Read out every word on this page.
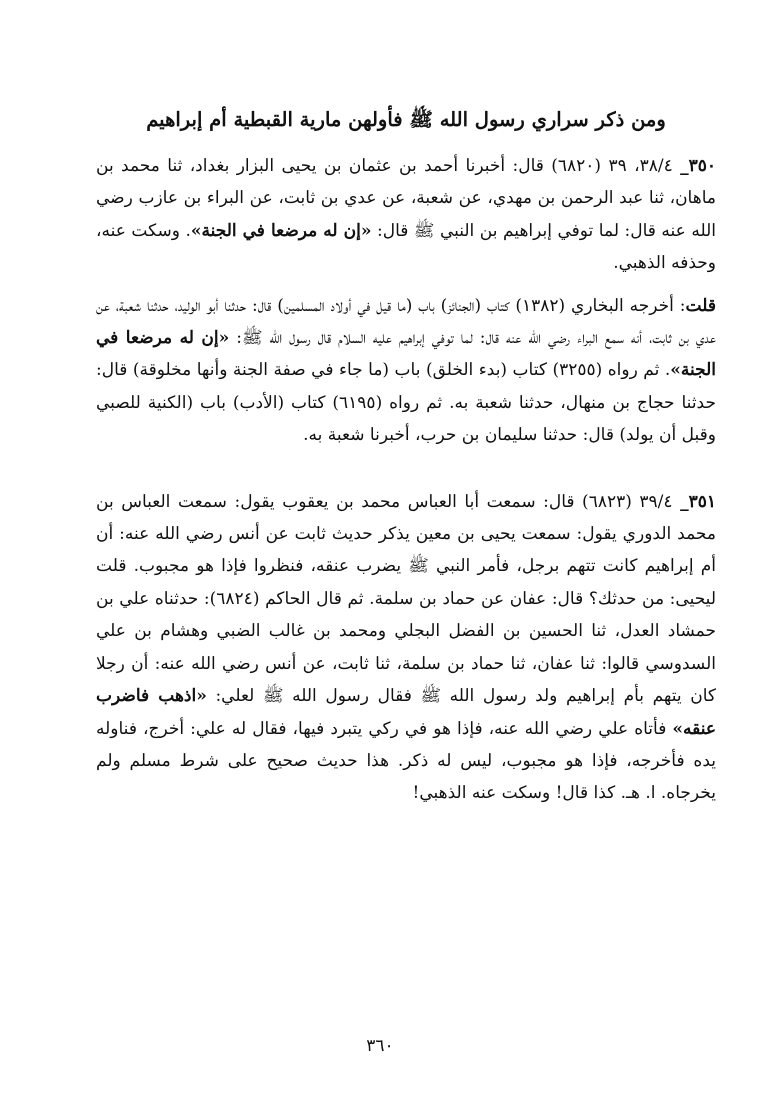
ومن ذكر سراري رسول الله ﷺ فأولهن مارية القبطية أم إبراهيم

٣٥٠_ ٣٨/٤، ٣٩ (٦٨٢٠) قال: أخبرنا أحمد بن عثمان بن يحيى البزار بغداد، ثنا محمد بن ماهان، ثنا عبد الرحمن بن مهدي، عن شعبة، عن عدي بن ثابت، عن البراء بن عازب رضي الله عنه قال: لما توفي إبراهيم بن النبي ﷺ قال: «إن له مرضعا في الجنة». وسكت عنه، وحذفه الذهبي.

قلت: أخرجه البخاري (١٣٨٢) كتاب (الجنائز) باب (ما قيل في أولاد المسلمين) قال: حدثنا أبو الوليد، حدثنا شعبة، عن عدي بن ثابت، أنه سمع البراء رضي الله عنه قال: لما توفي إبراهيم عليه السلام قال رسول الله ﷺ: «إن له مرضعا في الجنة». ثم رواه (٣٢٥٥) كتاب (بدء الخلق) باب (ما جاء في صفة الجنة وأنها مخلوقة) قال: حدثنا حجاج بن منهال، حدثنا شعبة به. ثم رواه (٦١٩٥) كتاب (الأدب) باب (الكنية للصبي وقبل أن يولد) قال: حدثنا سليمان بن حرب، أخبرنا شعبة به.

٣٥١_ ٣٩/٤ (٦٨٢٣) قال: سمعت أبا العباس محمد بن يعقوب يقول: سمعت العباس بن محمد الدوري يقول: سمعت يحيى بن معين يذكر حديث ثابت عن أنس رضي الله عنه: أن أم إبراهيم كانت تتهم برجل، فأمر النبي ﷺ يضرب عنقه، فنظروا فإذا هو مجبوب. قلت ليحيى: من حدثك؟ قال: عفان عن حماد بن سلمة. ثم قال الحاكم (٦٨٢٤): حدثناه علي بن حمشاد العدل، ثنا الحسين بن الفضل البجلي ومحمد بن غالب الضبي وهشام بن علي السدوسي قالوا: ثنا عفان، ثنا حماد بن سلمة، ثنا ثابت، عن أنس رضي الله عنه: أن رجلا كان يتهم بأم إبراهيم ولد رسول الله ﷺ فقال رسول الله ﷺ لعلي: «اذهب فاضرب عنقه» فأتاه علي رضي الله عنه، فإذا هو في ركي يتبرد فيها، فقال له علي: أخرج، فناوله يده فأخرجه، فإذا هو مجبوب، ليس له ذكر. هذا حديث صحيح على شرط مسلم ولم يخرجاه. ا. هـ. كذا قال! وسكت عنه الذهبي!

٣٦٠
